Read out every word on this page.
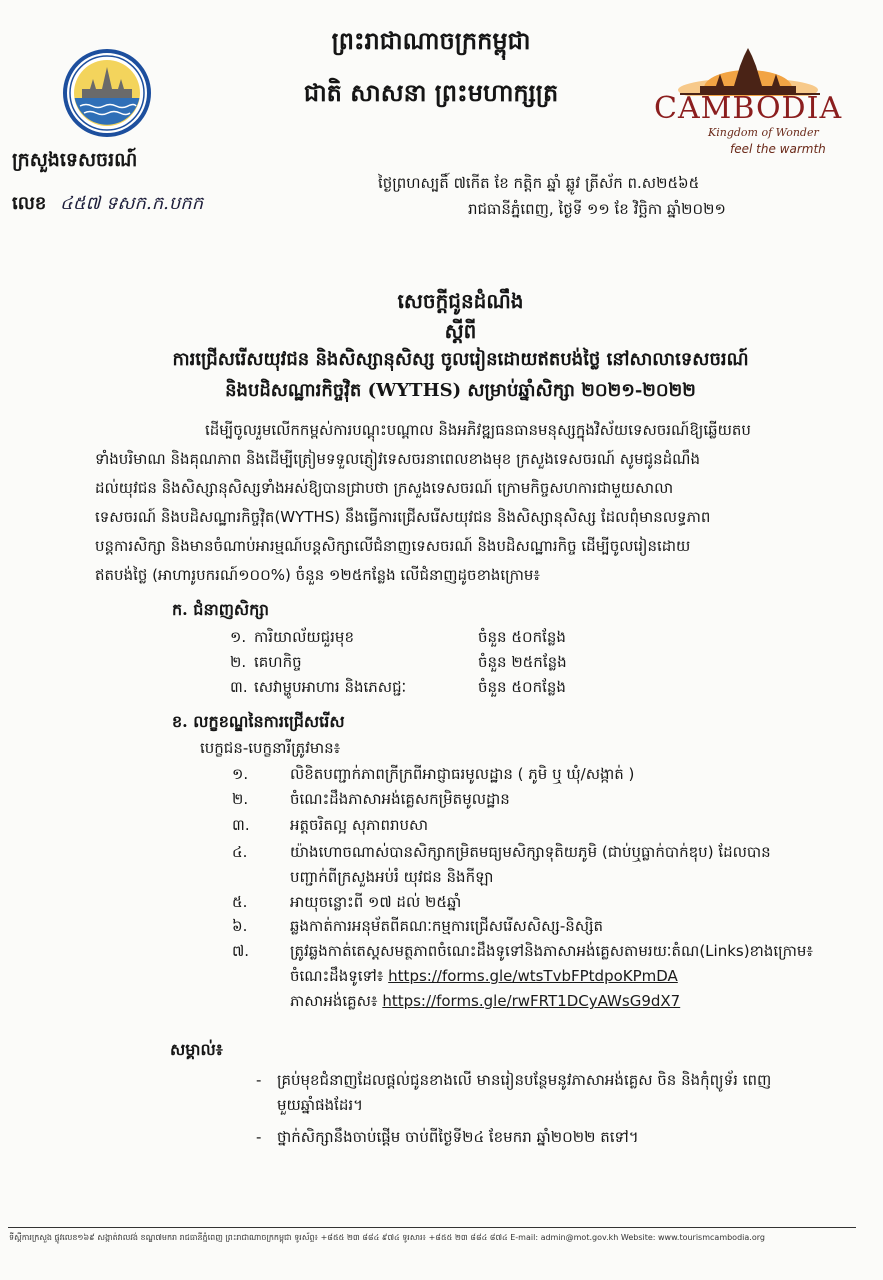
ព្រះរាជាណាចក្រកម្ពុជា
ជាតិ សាសនា ព្រះមហាក្សត្រ
ក្រសួងទេសចរណ៍
លេខ ៤៥៧ ទសក.ក.បកក
CAMBODIA
Kingdom of Wonder
feel the warmth
ថ្ងៃព្រហស្បតិ៍ ៧កើត ខែ កត្តិក ឆ្នាំ ឆ្លូវ ត្រីស័ក ព.ស២៥៦៥
រាជធានីភ្នំពេញ, ថ្ងៃទី ១១ ខែ វិច្ឆិកា ឆ្នាំ២០២១
សេចក្តីជូនដំណឹង
ស្តីពី
ការជ្រើសរើសយុវជន និងសិស្សានុសិស្ស ចូលរៀនដោយឥតបង់ថ្លៃ នៅសាលាទេសចរណ៍
និងបដិសណ្ឋារកិច្ចវ៉ិត (WYTHS) សម្រាប់ឆ្នាំសិក្សា ២០២១-២០២២
ដើម្បីចូលរួមលើកកម្ពស់ការបណ្តុះបណ្តាល និងអភិវឌ្ឍធនធានមនុស្សក្នុងវិស័យទេសចរណ៍ឱ្យឆ្លើយតប
ទាំងបរិមាណ និងគុណភាព និងដើម្បីត្រៀមទទួលភ្ញៀវទេសចរនាពេលខាងមុខ ក្រសួងទេសចរណ៍ សូមជូនដំណឹង
ដល់យុវជន និងសិស្សានុសិស្សទាំងអស់ឱ្យបានជ្រាបថា ក្រសួងទេសចរណ៍ ក្រោមកិច្ចសហការជាមួយសាលា
ទេសចរណ៍ និងបដិសណ្ឋារកិច្ចវ៉ិត(WYTHS) នឹងធ្វើការជ្រើសរើសយុវជន និងសិស្សានុសិស្ស ដែលពុំមានលទ្ធភាព
បន្តការសិក្សា និងមានចំណាប់អារម្មណ៍បន្តសិក្សាលើជំនាញទេសចរណ៍ និងបដិសណ្ឋារកិច្ច ដើម្បីចូលរៀនដោយ
ឥតបង់ថ្លៃ (អាហារូបករណ៍១០០%) ចំនួន ១២៥កន្លែង លើជំនាញដូចខាងក្រោម៖
ក. ជំនាញសិក្សា
១. ការិយាល័យជួរមុខ	ចំនួន ៥០កន្លែង
២. គេហកិច្ច	ចំនួន ២៥កន្លែង
៣. សេវាម្ហូបអាហារ និងភេសជ្ជៈ	ចំនួន ៥០កន្លែង
ខ. លក្ខខណ្ឌនៃការជ្រើសរើស
បេក្ខជន-បេក្ខនារីត្រូវមាន៖
១.	លិខិតបញ្ជាក់ភាពក្រីក្រពីអាជ្ញាធរមូលដ្ឋាន ( ភូមិ ឬ ឃុំ/សង្កាត់ )
២.	ចំណេះដឹងភាសាអង់គ្លេសកម្រិតមូលដ្ឋាន
៣.	អត្តចរិតល្អ សុភាពរាបសា
៤.	យ៉ាងហោចណាស់បានសិក្សាកម្រិតមធ្យមសិក្សាទុតិយភូមិ (ជាប់ឬធ្លាក់បាក់ឌុប) ដែលបាន
បញ្ជាក់ពីក្រសួងអប់រំ យុវជន និងកីឡា
៥.	អាយុចន្លោះពី ១៧ ដល់ ២៥ឆ្នាំ
៦.	ឆ្លងកាត់ការអនុម័តពីគណៈកម្មការជ្រើសរើសសិស្ស-និស្សិត
៧.	ត្រូវឆ្លងកាត់តេស្តសមត្ថភាពចំណេះដឹងទូទៅនិងភាសាអង់គ្លេសតាមរយៈតំណ(Links)ខាងក្រោម៖
ចំណេះដឹងទូទៅ៖ https://forms.gle/wtsTvbFPtdpoKPmDA
ភាសាអង់គ្លេស៖ https://forms.gle/rwFRT1DCyAWsG9dX7
សម្គាល់៖
- គ្រប់មុខជំនាញដែលផ្តល់ជូនខាងលើ មានរៀនបន្ថែមនូវភាសាអង់គ្លេស ចិន និងកុំព្យូទ័រ ពេញ
មួយឆ្នាំផងដែរ។
- ថ្នាក់សិក្សានឹងចាប់ផ្តើម ចាប់ពីថ្ងៃទី២៤ ខែមករា ឆ្នាំ២០២២ តទៅ។
ទីស្តីការក្រសួង ផ្លូវលេខ១៦៩ សង្កាត់វាលវង់ ខណ្ឌ៧មករា រាជធានីភ្នំពេញ ព្រះរាជាណាចក្រកម្ពុជា ទូរស័ព្ទ៖ +៨៥៥ ២៣ ៨៨៤ ៩៧៤ ទូរសារ៖ +៨៥៥ ២៣ ៨៨៤ ៨៧៤ E-mail: admin@mot.gov.kh Website: www.tourismcambodia.org
